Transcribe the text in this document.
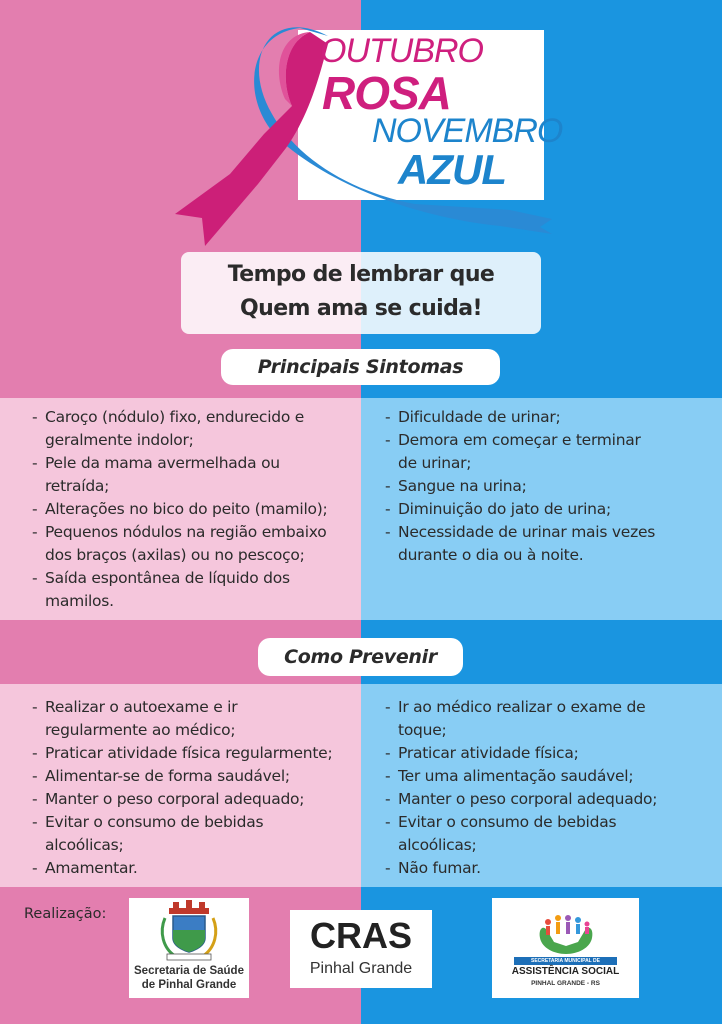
OUTUBRO
ROSA
NOVEMBRO
AZUL
Tempo de lembrar que
Quem ama se cuida!
Principais Sintomas
- Caroço (nódulo) fixo, endurecido e geralmente indolor;
- Pele da mama avermelhada ou retraída;
- Alterações no bico do peito (mamilo);
- Pequenos nódulos na região embaixo dos braços (axilas) ou no pescoço;
- Saída espontânea de líquido dos mamilos.
- Dificuldade de urinar;
- Demora em começar e terminar de urinar;
- Sangue na urina;
- Diminuição do jato de urina;
- Necessidade de urinar mais vezes durante o dia ou à noite.
Como Prevenir
- Realizar o autoexame e ir regularmente ao médico;
- Praticar atividade física regularmente;
- Alimentar-se de forma saudável;
- Manter o peso corporal adequado;
- Evitar o consumo de bebidas alcoólicas;
- Amamentar.
- Ir ao médico realizar o exame de toque;
- Praticar atividade física;
- Ter uma alimentação saudável;
- Manter o peso corporal adequado;
- Evitar o consumo de bebidas alcoólicas;
- Não fumar.
Realização:
Secretaria de Saúde
de Pinhal Grande
CRAS
Pinhal Grande	SECRETARIA MUNICIPAL DE
ASSISTÊNCIA SOCIAL
PINHAL GRANDE - RS
